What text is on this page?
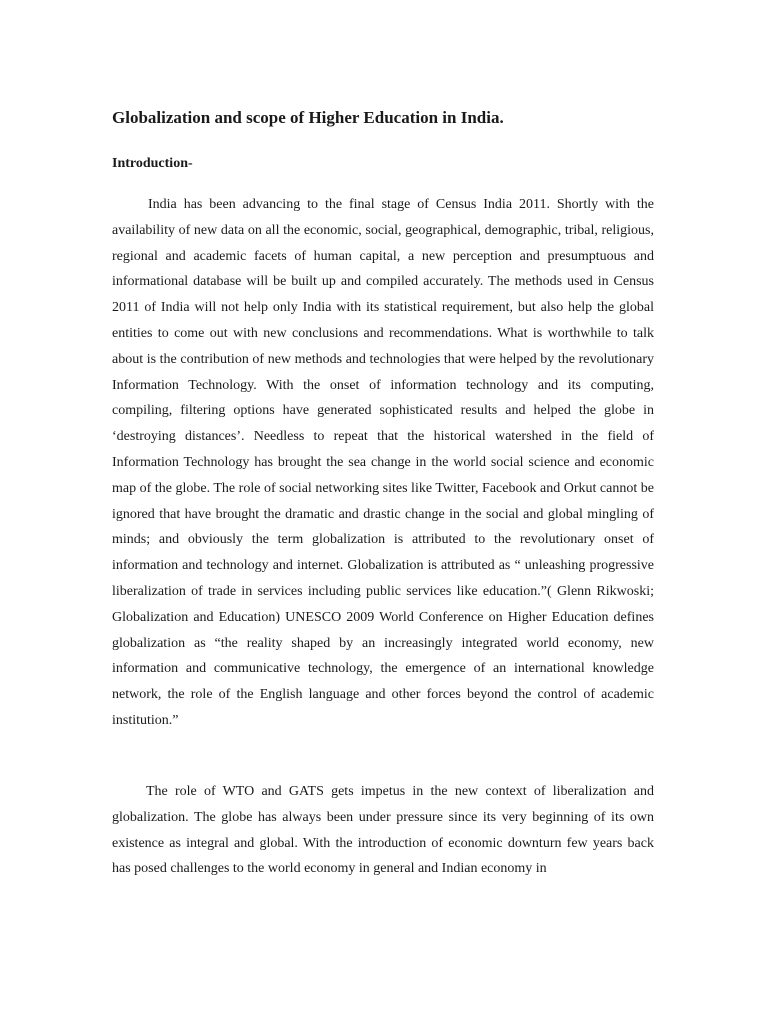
Globalization and scope of Higher Education in India.
Introduction-

India has been advancing to the final stage of Census India 2011. Shortly with the availability of new data on all the economic, social, geographical, demographic, tribal, religious, regional and academic facets of human capital, a new perception and presumptuous and informational database will be built up and compiled accurately. The methods used in Census 2011 of India will not help only India with its statistical requirement, but also help the global entities to come out with new conclusions and recommendations. What is worthwhile to talk about is the contribution of new methods and technologies that were helped by the revolutionary Information Technology. With the onset of information technology and its computing, compiling, filtering options have generated sophisticated results and helped the globe in ‘destroying distances’. Needless to repeat that the historical watershed in the field of Information Technology has brought the sea change in the world social science and economic map of the globe. The role of social networking sites like Twitter, Facebook and Orkut cannot be ignored that have brought the dramatic and drastic change in the social and global mingling of minds; and obviously the term globalization is attributed to the revolutionary onset of information and technology and internet. Globalization is attributed as “ unleashing progressive liberalization of trade in services including public services like education.”( Glenn Rikwoski; Globalization and Education) UNESCO 2009 World Conference on Higher Education defines globalization as “the reality shaped by an increasingly integrated world economy, new information and communicative technology, the emergence of an international knowledge network, the role of the English language and other forces beyond the control of academic institution.”

The role of WTO and GATS gets impetus in the new context of liberalization and globalization. The globe has always been under pressure since its very beginning of its own existence as integral and global. With the introduction of economic downturn few years back has posed challenges to the world economy in general and Indian economy in
